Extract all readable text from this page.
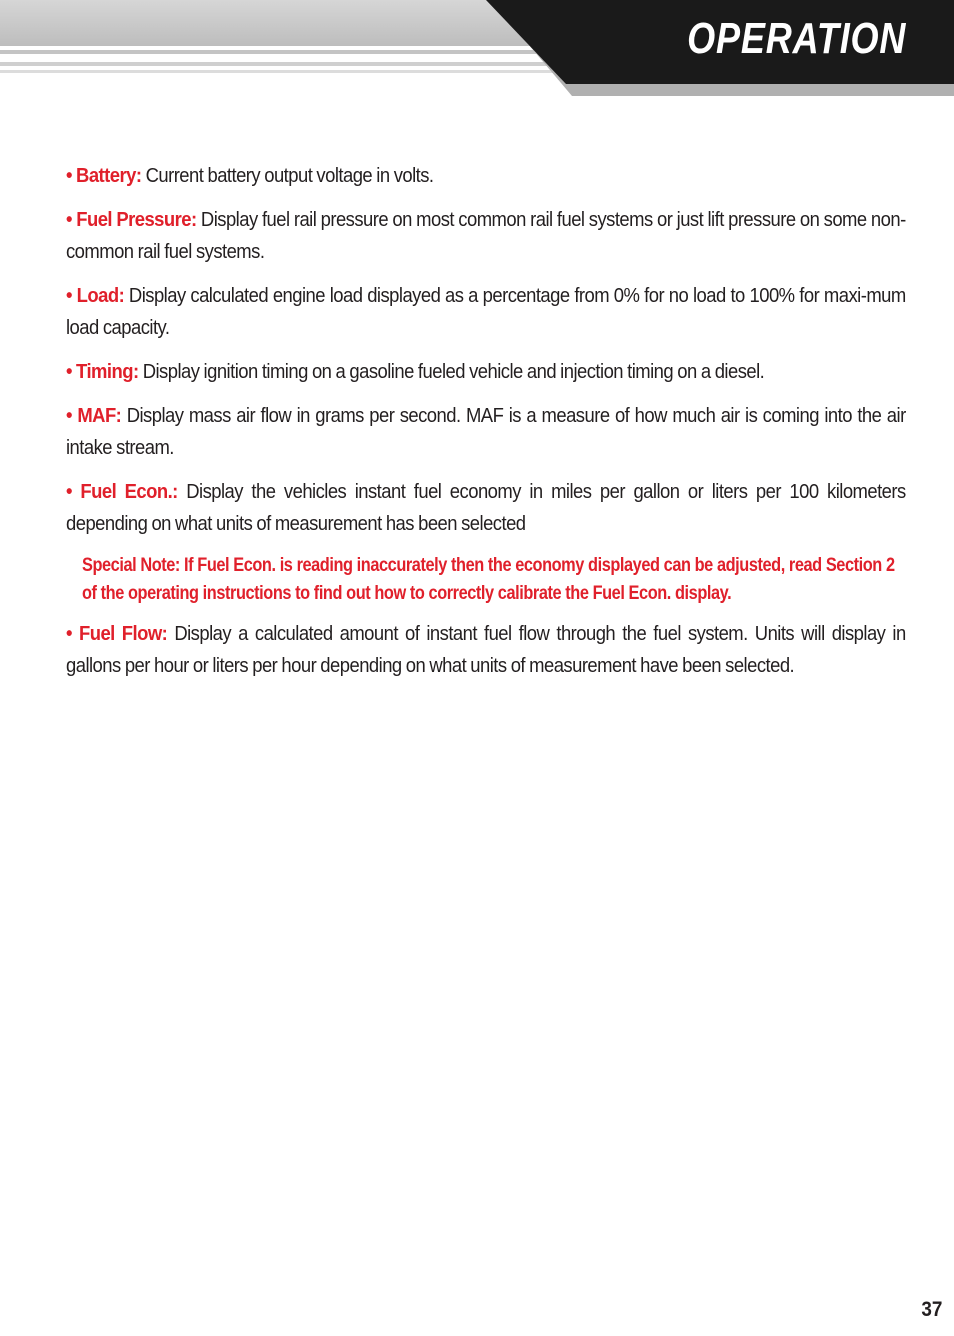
OPERATION

• Battery: Current battery output voltage in volts.

• Fuel Pressure: Display fuel rail pressure on most common rail fuel systems or just lift pressure on some non-common rail fuel systems.

• Load: Display calculated engine load displayed as a percentage from 0% for no load to 100% for maxi-mum load capacity.

• Timing: Display ignition timing on a gasoline fueled vehicle and injection timing on a diesel.

• MAF: Display mass air flow in grams per second. MAF is a measure of how much air is coming into the air intake stream.

• Fuel Econ.: Display the vehicles instant fuel economy in miles per gallon or liters per 100 kilometers depending on what units of measurement has been selected

Special Note: If Fuel Econ. is reading inaccurately then the economy displayed can be adjusted, read Section 2 of the operating instructions to find out how to correctly calibrate the Fuel Econ. display.

• Fuel Flow: Display a calculated amount of instant fuel flow through the fuel system. Units will display in gallons per hour or liters per hour depending on what units of measurement have been selected.

37
